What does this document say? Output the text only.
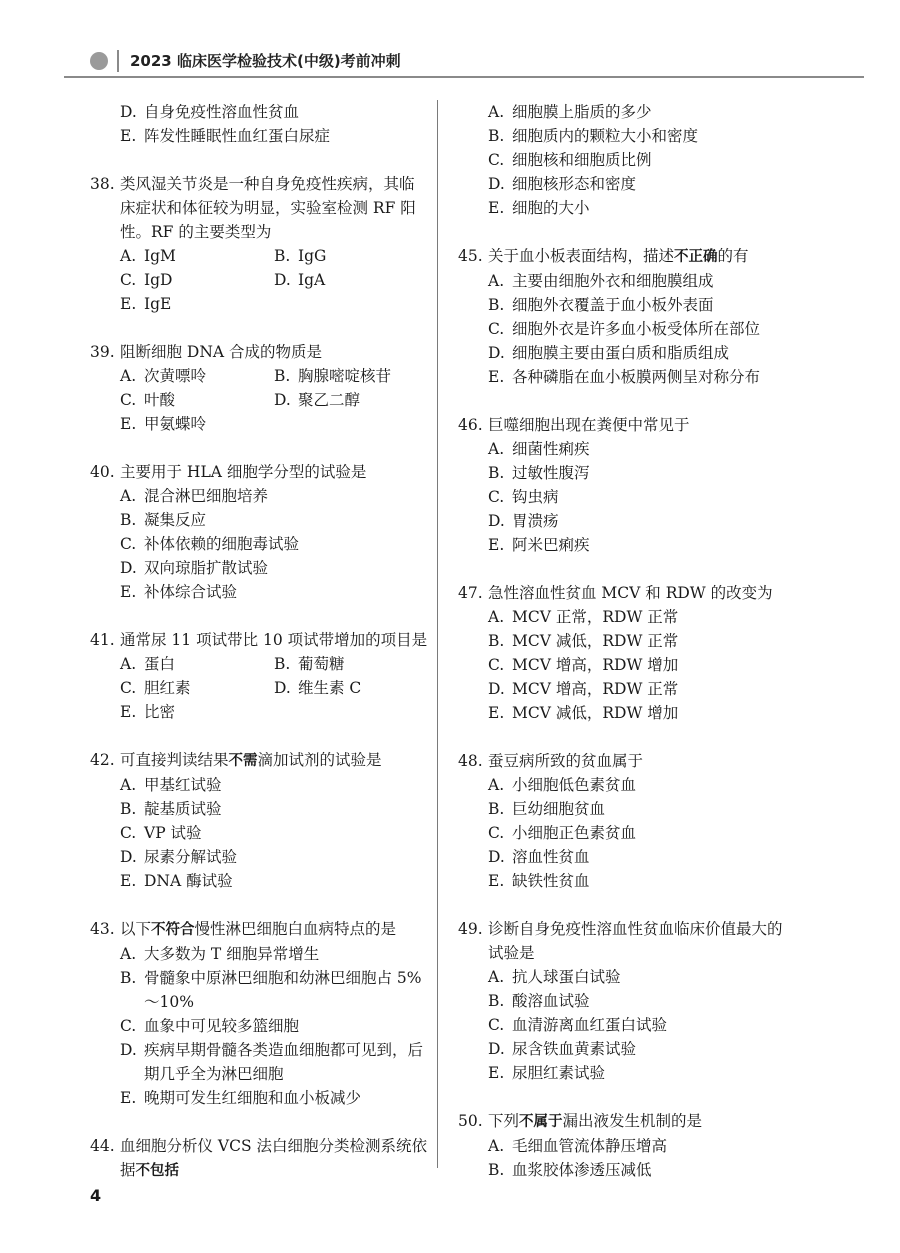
2023 临床医学检验技术(中级)考前冲刺
D. 自身免疫性溶血性贫血
E. 阵发性睡眠性血红蛋白尿症
38. 类风湿关节炎是一种自身免疫性疾病，其临床症状和体征较为明显，实验室检测 RF 阳性。RF 的主要类型为
A. IgM	B. IgG
C. IgD	D. IgA
E. IgE
39. 阻断细胞 DNA 合成的物质是
A. 次黄嘌呤	B. 胸腺嘧啶核苷
C. 叶酸	D. 聚乙二醇
E. 甲氨蝶呤
40. 主要用于 HLA 细胞学分型的试验是
A. 混合淋巴细胞培养
B. 凝集反应
C. 补体依赖的细胞毒试验
D. 双向琼脂扩散试验
E. 补体综合试验
41. 通常尿 11 项试带比 10 项试带增加的项目是
A. 蛋白	B. 葡萄糖
C. 胆红素	D. 维生素 C
E. 比密
42. 可直接判读结果不需滴加试剂的试验是
A. 甲基红试验
B. 靛基质试验
C. VP 试验
D. 尿素分解试验
E. DNA 酶试验
43. 以下不符合慢性淋巴细胞白血病特点的是
A. 大多数为 T 细胞异常增生
B. 骨髓象中原淋巴细胞和幼淋巴细胞占 5%～10%
C. 血象中可见较多篮细胞
D. 疾病早期骨髓各类造血细胞都可见到，后期几乎全为淋巴细胞
E. 晚期可发生红细胞和血小板减少
44. 血细胞分析仪 VCS 法白细胞分类检测系统依据不包括
A. 细胞膜上脂质的多少
B. 细胞质内的颗粒大小和密度
C. 细胞核和细胞质比例
D. 细胞核形态和密度
E. 细胞的大小
45. 关于血小板表面结构，描述不正确的有
A. 主要由细胞外衣和细胞膜组成
B. 细胞外衣覆盖于血小板外表面
C. 细胞外衣是许多血小板受体所在部位
D. 细胞膜主要由蛋白质和脂质组成
E. 各种磷脂在血小板膜两侧呈对称分布
46. 巨噬细胞出现在粪便中常见于
A. 细菌性痢疾
B. 过敏性腹泻
C. 钩虫病
D. 胃溃疡
E. 阿米巴痢疾
47. 急性溶血性贫血 MCV 和 RDW 的改变为
A. MCV 正常，RDW 正常
B. MCV 减低，RDW 正常
C. MCV 增高，RDW 增加
D. MCV 增高，RDW 正常
E. MCV 减低，RDW 增加
48. 蚕豆病所致的贫血属于
A. 小细胞低色素贫血
B. 巨幼细胞贫血
C. 小细胞正色素贫血
D. 溶血性贫血
E. 缺铁性贫血
49. 诊断自身免疫性溶血性贫血临床价值最大的试验是
A. 抗人球蛋白试验
B. 酸溶血试验
C. 血清游离血红蛋白试验
D. 尿含铁血黄素试验
E. 尿胆红素试验
50. 下列不属于漏出液发生机制的是
A. 毛细血管流体静压增高
B. 血浆胶体渗透压减低
4
